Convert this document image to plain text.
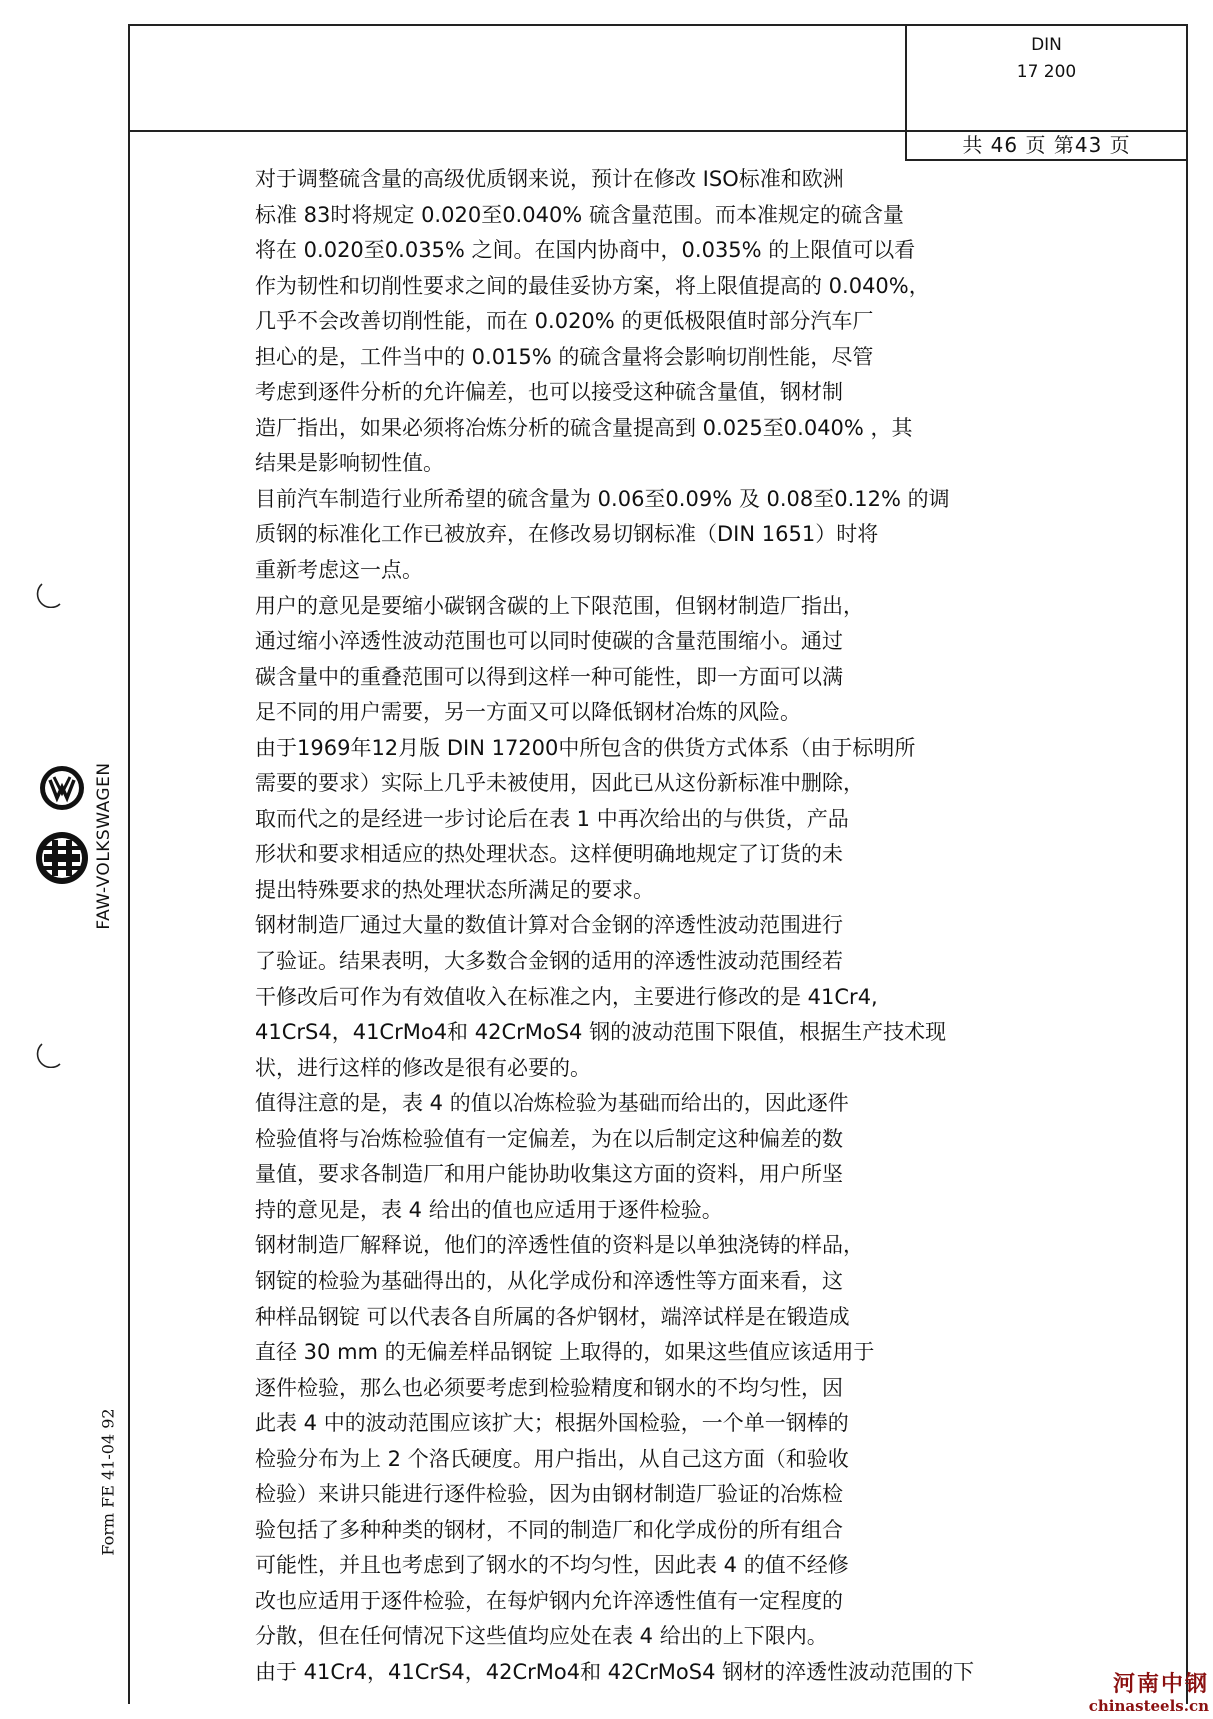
DIN
17 200
共 46 页 第43 页
对于调整硫含量的高级优质钢来说，预计在修改 ISO标准和欧洲
标准 83时将规定 0.020至0.040% 硫含量范围。而本准规定的硫含量
将在 0.020至0.035% 之间。在国内协商中，0.035% 的上限值可以看
作为韧性和切削性要求之间的最佳妥协方案，将上限值提高的 0.040%，
几乎不会改善切削性能，而在 0.020% 的更低极限值时部分汽车厂
担心的是，工件当中的 0.015% 的硫含量将会影响切削性能，尽管
考虑到逐件分析的允许偏差，也可以接受这种硫含量值，钢材制
造厂指出，如果必须将冶炼分析的硫含量提高到 0.025至0.040% ，其
结果是影响韧性值。
目前汽车制造行业所希望的硫含量为 0.06至0.09% 及 0.08至0.12% 的调
质钢的标准化工作已被放弃，在修改易切钢标准（DIN 1651）时将
重新考虑这一点。
用户的意见是要缩小碳钢含碳的上下限范围，但钢材制造厂指出，
通过缩小淬透性波动范围也可以同时使碳的含量范围缩小。通过
碳含量中的重叠范围可以得到这样一种可能性，即一方面可以满
足不同的用户需要，另一方面又可以降低钢材冶炼的风险。
由于1969年12月版 DIN 17200中所包含的供货方式体系（由于标明所
需要的要求）实际上几乎未被使用，因此已从这份新标准中删除，
取而代之的是经进一步讨论后在表 1 中再次给出的与供货，产品
形状和要求相适应的热处理状态。这样便明确地规定了订货的未
提出特殊要求的热处理状态所满足的要求。
钢材制造厂通过大量的数值计算对合金钢的淬透性波动范围进行
了验证。结果表明，大多数合金钢的适用的淬透性波动范围经若
干修改后可作为有效值收入在标准之内，主要进行修改的是 41Cr4,
41CrS4，41CrMo4和 42CrMoS4 钢的波动范围下限值，根据生产技术现
状，进行这样的修改是很有必要的。
值得注意的是，表 4 的值以冶炼检验为基础而给出的，因此逐件
检验值将与冶炼检验值有一定偏差，为在以后制定这种偏差的数
量值，要求各制造厂和用户能协助收集这方面的资料，用户所坚
持的意见是，表 4 给出的值也应适用于逐件检验。
钢材制造厂解释说，他们的淬透性值的资料是以单独浇铸的样品，
钢锭的检验为基础得出的，从化学成份和淬透性等方面来看，这
种样品钢锭 可以代表各自所属的各炉钢材，端淬试样是在锻造成
直径 30 mm 的无偏差样品钢锭 上取得的，如果这些值应该适用于
逐件检验，那么也必须要考虑到检验精度和钢水的不均匀性，因
此表 4 中的波动范围应该扩大；根据外国检验，一个单一钢棒的
检验分布为上 2 个洛氏硬度。用户指出，从自己这方面（和验收
检验）来讲只能进行逐件检验，因为由钢材制造厂验证的冶炼检
验包括了多种种类的钢材，不同的制造厂和化学成份的所有组合
可能性，并且也考虑到了钢水的不均匀性，因此表 4 的值不经修
改也应适用于逐件检验，在每炉钢内允许淬透性值有一定程度的
分散，但在任何情况下这些值均应处在表 4 给出的上下限内。
由于 41Cr4，41CrS4，42CrMo4和 42CrMoS4 钢材的淬透性波动范围的下
FAW-VOLKSWAGEN
Form FE 41-04 92
河南中钢
chinasteels.cn
